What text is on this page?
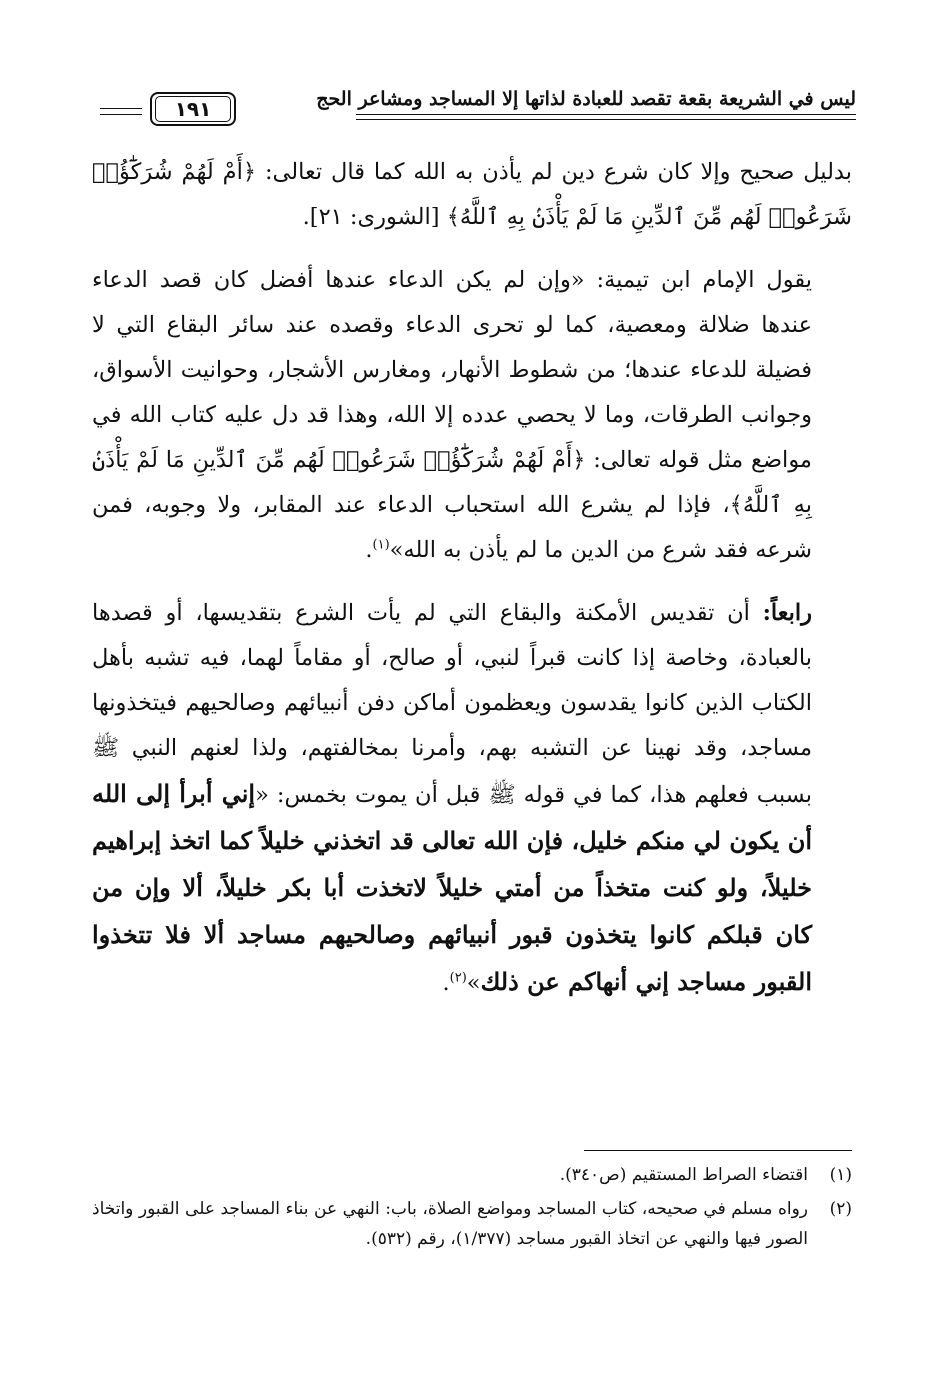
ليس في الشريعة بقعة تقصد للعبادة لذاتها إلا المساجد ومشاعر الحج
١٩١

بدليل صحيح وإلا كان شرع دين لم يأذن به الله كما قال تعالى: ﴿أَمْ لَهُمْ شُرَكَٰٓؤُا۟ شَرَعُوا۟ لَهُم مِّنَ ٱلدِّينِ مَا لَمْ يَأْذَنۢ بِهِ ٱللَّهُ﴾ [الشورى: ٢١].

يقول الإمام ابن تيمية: «وإن لم يكن الدعاء عندها أفضل كان قصد الدعاء عندها ضلالة ومعصية، كما لو تحرى الدعاء وقصده عند سائر البقاع التي لا فضيلة للدعاء عندها؛ من شطوط الأنهار، ومغارس الأشجار، وحوانيت الأسواق، وجوانب الطرقات، وما لا يحصي عدده إلا الله، وهذا قد دل عليه كتاب الله في مواضع مثل قوله تعالى: ﴿أَمْ لَهُمْ شُرَكَٰٓؤُا۟ شَرَعُوا۟ لَهُم مِّنَ ٱلدِّينِ مَا لَمْ يَأْذَنۢ بِهِ ٱللَّهُ﴾، فإذا لم يشرع الله استحباب الدعاء عند المقابر، ولا وجوبه، فمن شرعه فقد شرع من الدين ما لم يأذن به الله»$^{(١)}$.

رابعاً: أن تقديس الأمكنة والبقاع التي لم يأت الشرع بتقديسها، أو قصدها بالعبادة، وخاصة إذا كانت قبراً لنبي، أو صالح، أو مقاماً لهما، فيه تشبه بأهل الكتاب الذين كانوا يقدسون ويعظمون أماكن دفن أنبيائهم وصالحيهم فيتخذونها مساجد، وقد نهينا عن التشبه بهم، وأمرنا بمخالفتهم، ولذا لعنهم النبي ﷺ بسبب فعلهم هذا، كما في قوله ﷺ قبل أن يموت بخمس: «إني أبرأ إلى الله أن يكون لي منكم خليل، فإن الله تعالى قد اتخذني خليلاً كما اتخذ إبراهيم خليلاً، ولو كنت متخذاً من أمتي خليلاً لاتخذت أبا بكر خليلاً، ألا وإن من كان قبلكم كانوا يتخذون قبور أنبيائهم وصالحيهم مساجد ألا فلا تتخذوا القبور مساجد إني أنهاكم عن ذلك»$^{(٢)}$.

(١)
اقتضاء الصراط المستقيم (ص٣٤٠).
(٢)
رواه مسلم في صحيحه، كتاب المساجد ومواضع الصلاة، باب: النهي عن بناء المساجد على القبور واتخاذ الصور فيها والنهي عن اتخاذ القبور مساجد (١/٣٧٧)، رقم (٥٣٢).
